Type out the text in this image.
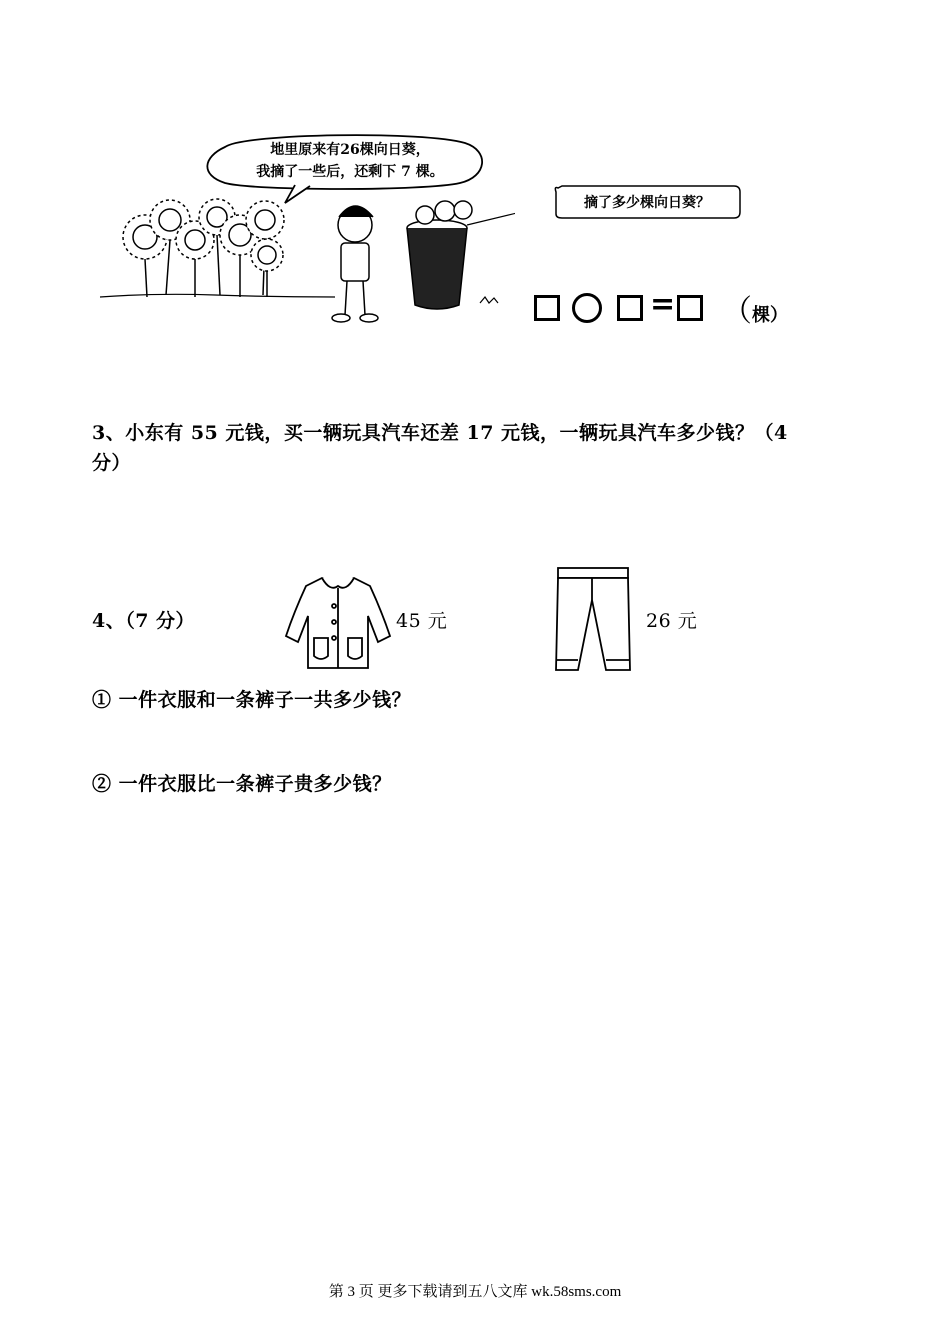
地里原来有26棵向日葵，
我摘了一些后，还剩下 7 棵。
摘了多少棵向日葵？
= （棵）
3、小东有 55 元钱，买一辆玩具汽车还差 17 元钱，一辆玩具汽车多少钱？（4
分）
4、（7 分）	45 元	26 元
① 一件衣服和一条裤子一共多少钱？
② 一件衣服比一条裤子贵多少钱？
第 3 页 更多下载请到五八文库 wk.58sms.com
